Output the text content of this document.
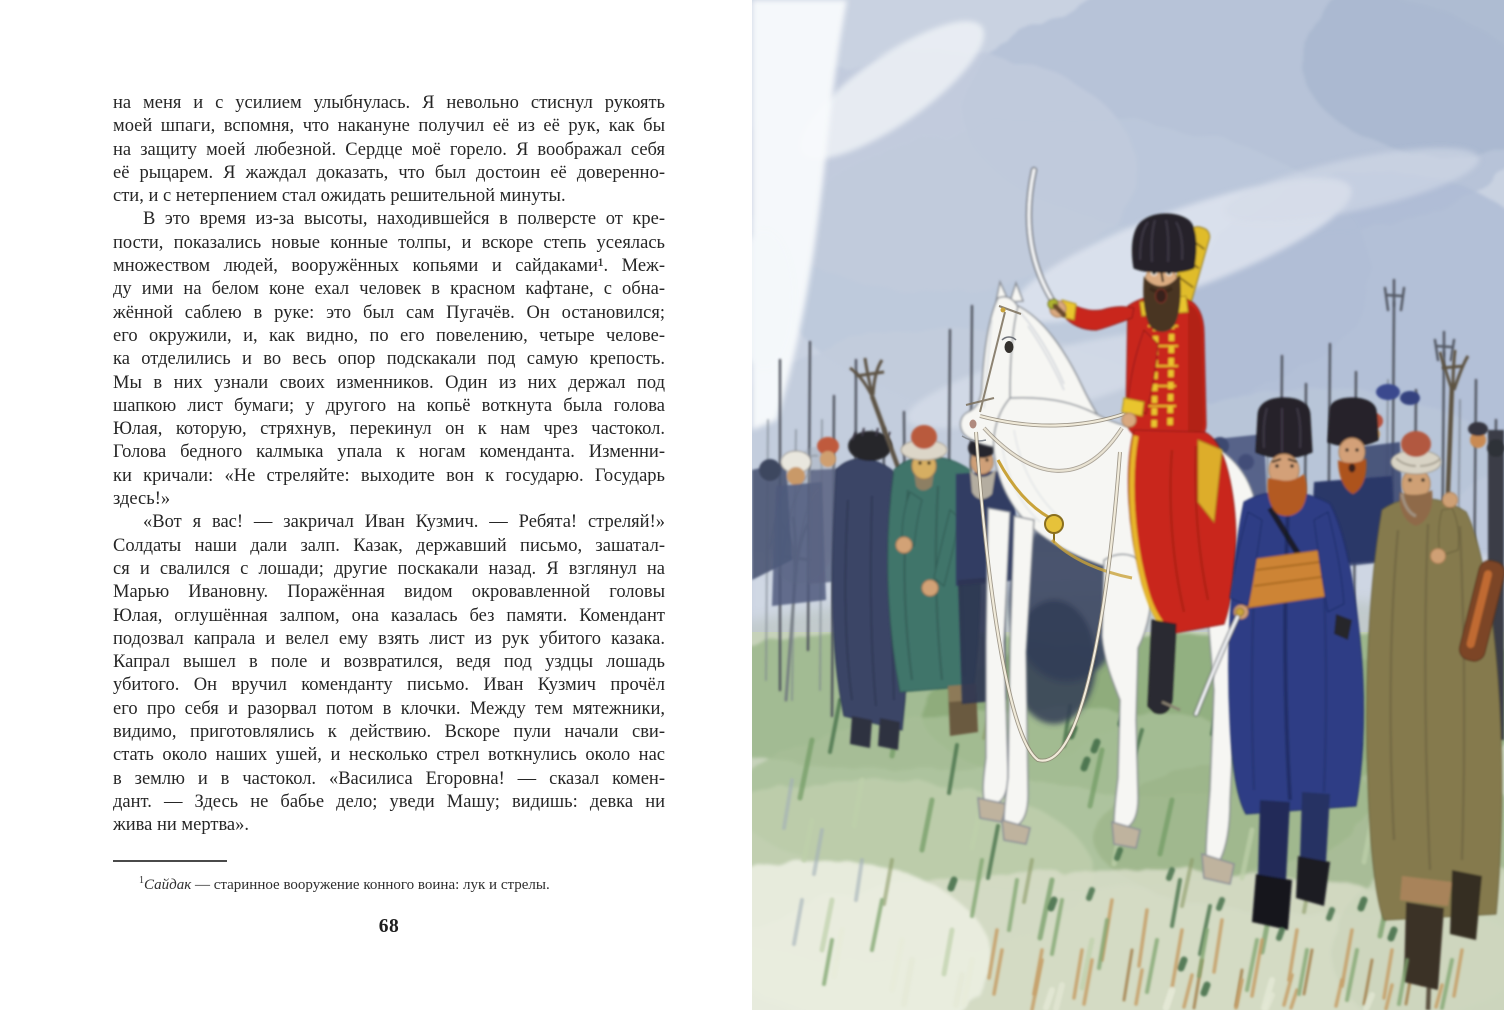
на меня и с усилием улыбнулась. Я невольно стиснул рукоять
моей шпаги, вспомня, что накануне получил её из её рук, как бы
на защиту моей любезной. Сердце моё горело. Я воображал себя
её рыцарем. Я жаждал доказать, что был достоин её доверенно-
сти, и с нетерпением стал ожидать решительной минуты.
В это время из-за высоты, находившейся в полверсте от кре-
пости, показались новые конные толпы, и вскоре степь усеялась
множеством людей, вооружённых копьями и сайдаками¹. Меж-
ду ими на белом коне ехал человек в красном кафтане, с обна-
жённой саблею в руке: это был сам Пугачёв. Он остановился;
его окружили, и, как видно, по его повелению, четыре челове-
ка отделились и во весь опор подскакали под самую крепость.
Мы в них узнали своих изменников. Один из них держал под
шапкою лист бумаги; у другого на копьё воткнута была голова
Юлая, которую, стряхнув, перекинул он к нам чрез частокол.
Голова бедного калмыка упала к ногам коменданта. Изменни-
ки кричали: «Не стреляйте: выходите вон к государю. Государь
здесь!»
«Вот я вас! — закричал Иван Кузмич. — Ребята! стреляй!»
Солдаты наши дали залп. Казак, державший письмо, зашатал-
ся и свалился с лошади; другие поскакали назад. Я взглянул на
Марью Ивановну. Поражённая видом окровавленной головы
Юлая, оглушённая залпом, она казалась без памяти. Комендант
подозвал капрала и велел ему взять лист из рук убитого казака.
Капрал вышел в поле и возвратился, ведя под уздцы лошадь
убитого. Он вручил коменданту письмо. Иван Кузмич прочёл
его про себя и разорвал потом в клочки. Между тем мятежники,
видимо, приготовлялись к действию. Вскоре пули начали сви-
стать около наших ушей, и несколько стрел воткнулись около нас
в землю и в частокол. «Василиса Егоровна! — сказал комен-
дант. — Здесь не бабье дело; уведи Машу; видишь: девка ни
жива ни мертва».

$^1$Сайдак — старинное вооружение конного воина: лук и стрелы.

68
